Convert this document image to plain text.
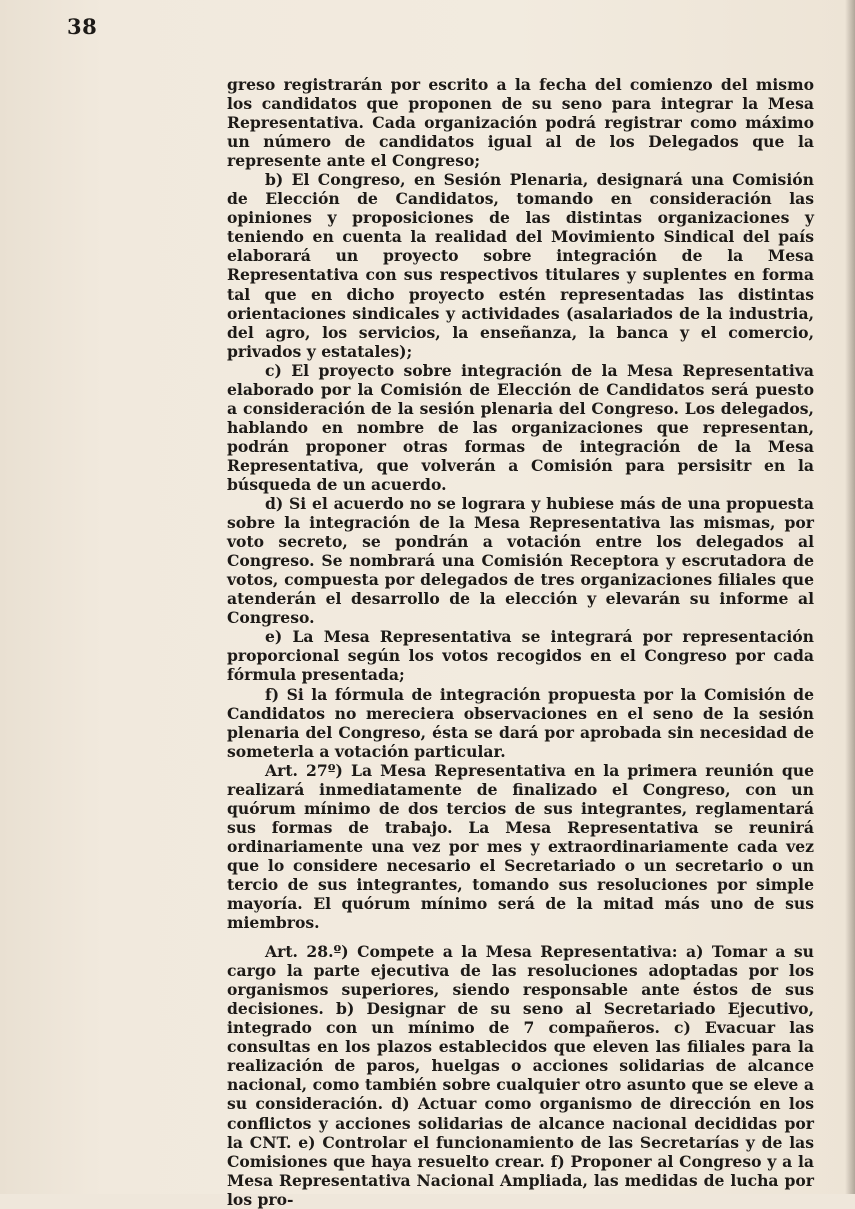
38

greso registrarán por escrito a la fecha del comienzo del mismo los candidatos que proponen de su seno para integrar la Mesa Representativa. Cada organización podrá registrar como máximo un número de candidatos igual al de los Delegados que la represente ante el Congreso;

b) El Congreso, en Sesión Plenaria, designará una Comisión de Elección de Candidatos, tomando en consideración las opiniones y proposiciones de las distintas organizaciones y teniendo en cuenta la realidad del Movimiento Sindical del país elaborará un proyecto sobre integración de la Mesa Representativa con sus respectivos titulares y suplentes en forma tal que en dicho proyecto estén representadas las distintas orientaciones sindicales y actividades (asalariados de la industria, del agro, los servicios, la enseñanza, la banca y el comercio, privados y estatales);

c) El proyecto sobre integración de la Mesa Representativa elaborado por la Comisión de Elección de Candidatos será puesto a consideración de la sesión plenaria del Congreso. Los delegados, hablando en nombre de las organizaciones que representan, podrán proponer otras formas de integración de la Mesa Representativa, que volverán a Comisión para persisitr en la búsqueda de un acuerdo.

d) Si el acuerdo no se lograra y hubiese más de una propuesta sobre la integración de la Mesa Representativa las mismas, por voto secreto, se pondrán a votación entre los delegados al Congreso. Se nombrará una Comisión Receptora y escrutadora de votos, compuesta por delegados de tres organizaciones filiales que atenderán el desarrollo de la elección y elevarán su informe al Congreso.

e) La Mesa Representativa se integrará por representación proporcional según los votos recogidos en el Congreso por cada fórmula presentada;

f) Si la fórmula de integración propuesta por la Comisión de Candidatos no mereciera observaciones en el seno de la sesión plenaria del Congreso, ésta se dará por aprobada sin necesidad de someterla a votación particular.

Art. 27º) La Mesa Representativa en la primera reunión que realizará inmediatamente de finalizado el Congreso, con un quórum mínimo de dos tercios de sus integrantes, reglamentará sus formas de trabajo. La Mesa Representativa se reunirá ordinariamente una vez por mes y extraordinariamente cada vez que lo considere necesario el Secretariado o un secretario o un tercio de sus integrantes, tomando sus resoluciones por simple mayoría. El quórum mínimo será de la mitad más uno de sus miembros.

Art. 28.º) Compete a la Mesa Representativa: a) Tomar a su cargo la parte ejecutiva de las resoluciones adoptadas por los organismos superiores, siendo responsable ante éstos de sus decisiones. b) Designar de su seno al Secretariado Ejecutivo, integrado con un mínimo de 7 compañeros. c) Evacuar las consultas en los plazos establecidos que eleven las filiales para la realización de paros, huelgas o acciones solidarias de alcance nacional, como también sobre cualquier otro asunto que se eleve a su consideración. d) Actuar como organismo de dirección en los conflictos y acciones solidarias de alcance nacional decididas por la CNT. e) Controlar el funcionamiento de las Secretarías y de las Comisiones que haya resuelto crear. f) Proponer al Congreso y a la Mesa Representativa Nacional Ampliada, las medidas de lucha por los pro-
